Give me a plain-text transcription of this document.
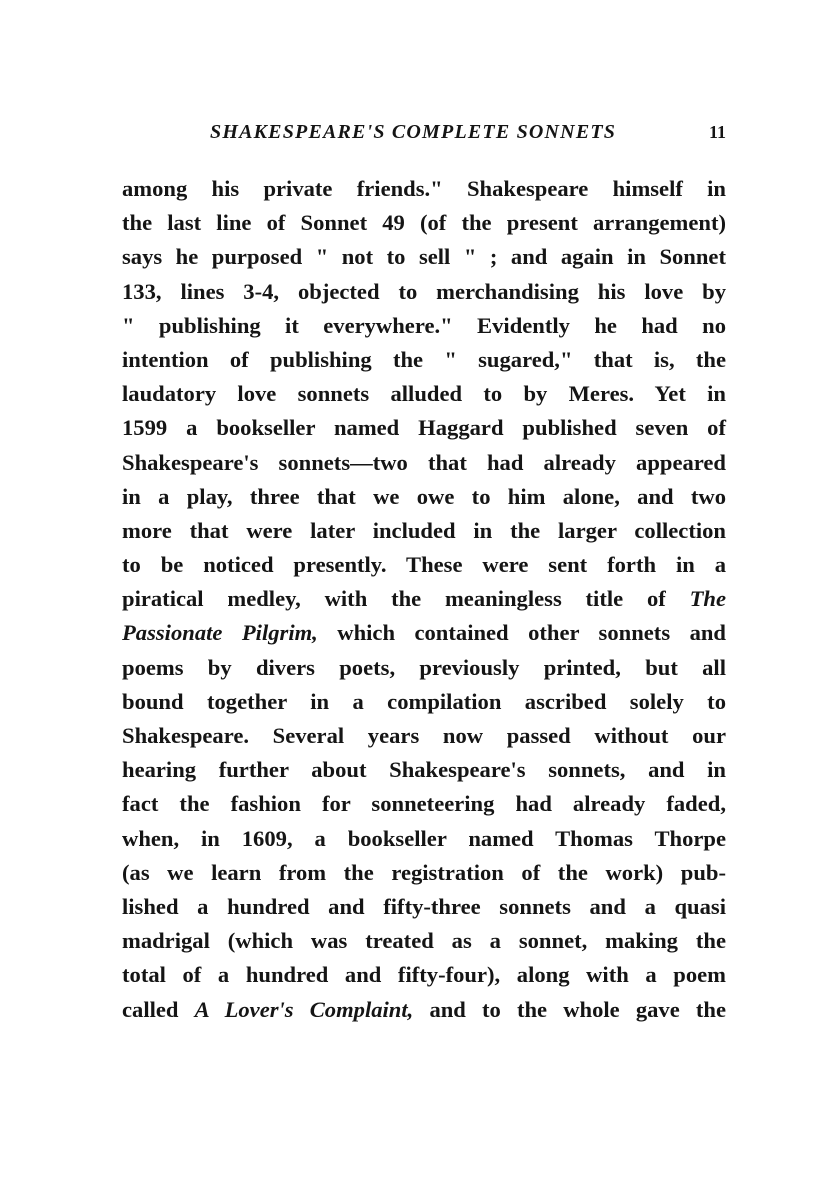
SHAKESPEARE'S COMPLETE SONNETS	11
among his private friends." Shakespeare himself in
the last line of Sonnet 49 (of the present arrangement)
says he purposed " not to sell " ; and again in Sonnet
133, lines 3-4, objected to merchandising his love by
" publishing it everywhere." Evidently he had no
intention of publishing the " sugared," that is, the
laudatory love sonnets alluded to by Meres. Yet in
1599 a bookseller named Haggard published seven of
Shakespeare's sonnets—two that had already appeared
in a play, three that we owe to him alone, and two
more that were later included in the larger collection
to be noticed presently. These were sent forth in a
piratical medley, with the meaningless title of The
Passionate Pilgrim, which contained other sonnets and
poems by divers poets, previously printed, but all
bound together in a compilation ascribed solely to
Shakespeare. Several years now passed without our
hearing further about Shakespeare's sonnets, and in
fact the fashion for sonneteering had already faded,
when, in 1609, a bookseller named Thomas Thorpe
(as we learn from the registration of the work) pub-
lished a hundred and fifty-three sonnets and a quasi
madrigal (which was treated as a sonnet, making the
total of a hundred and fifty-four), along with a poem
called A Lover's Complaint, and to the whole gave the
